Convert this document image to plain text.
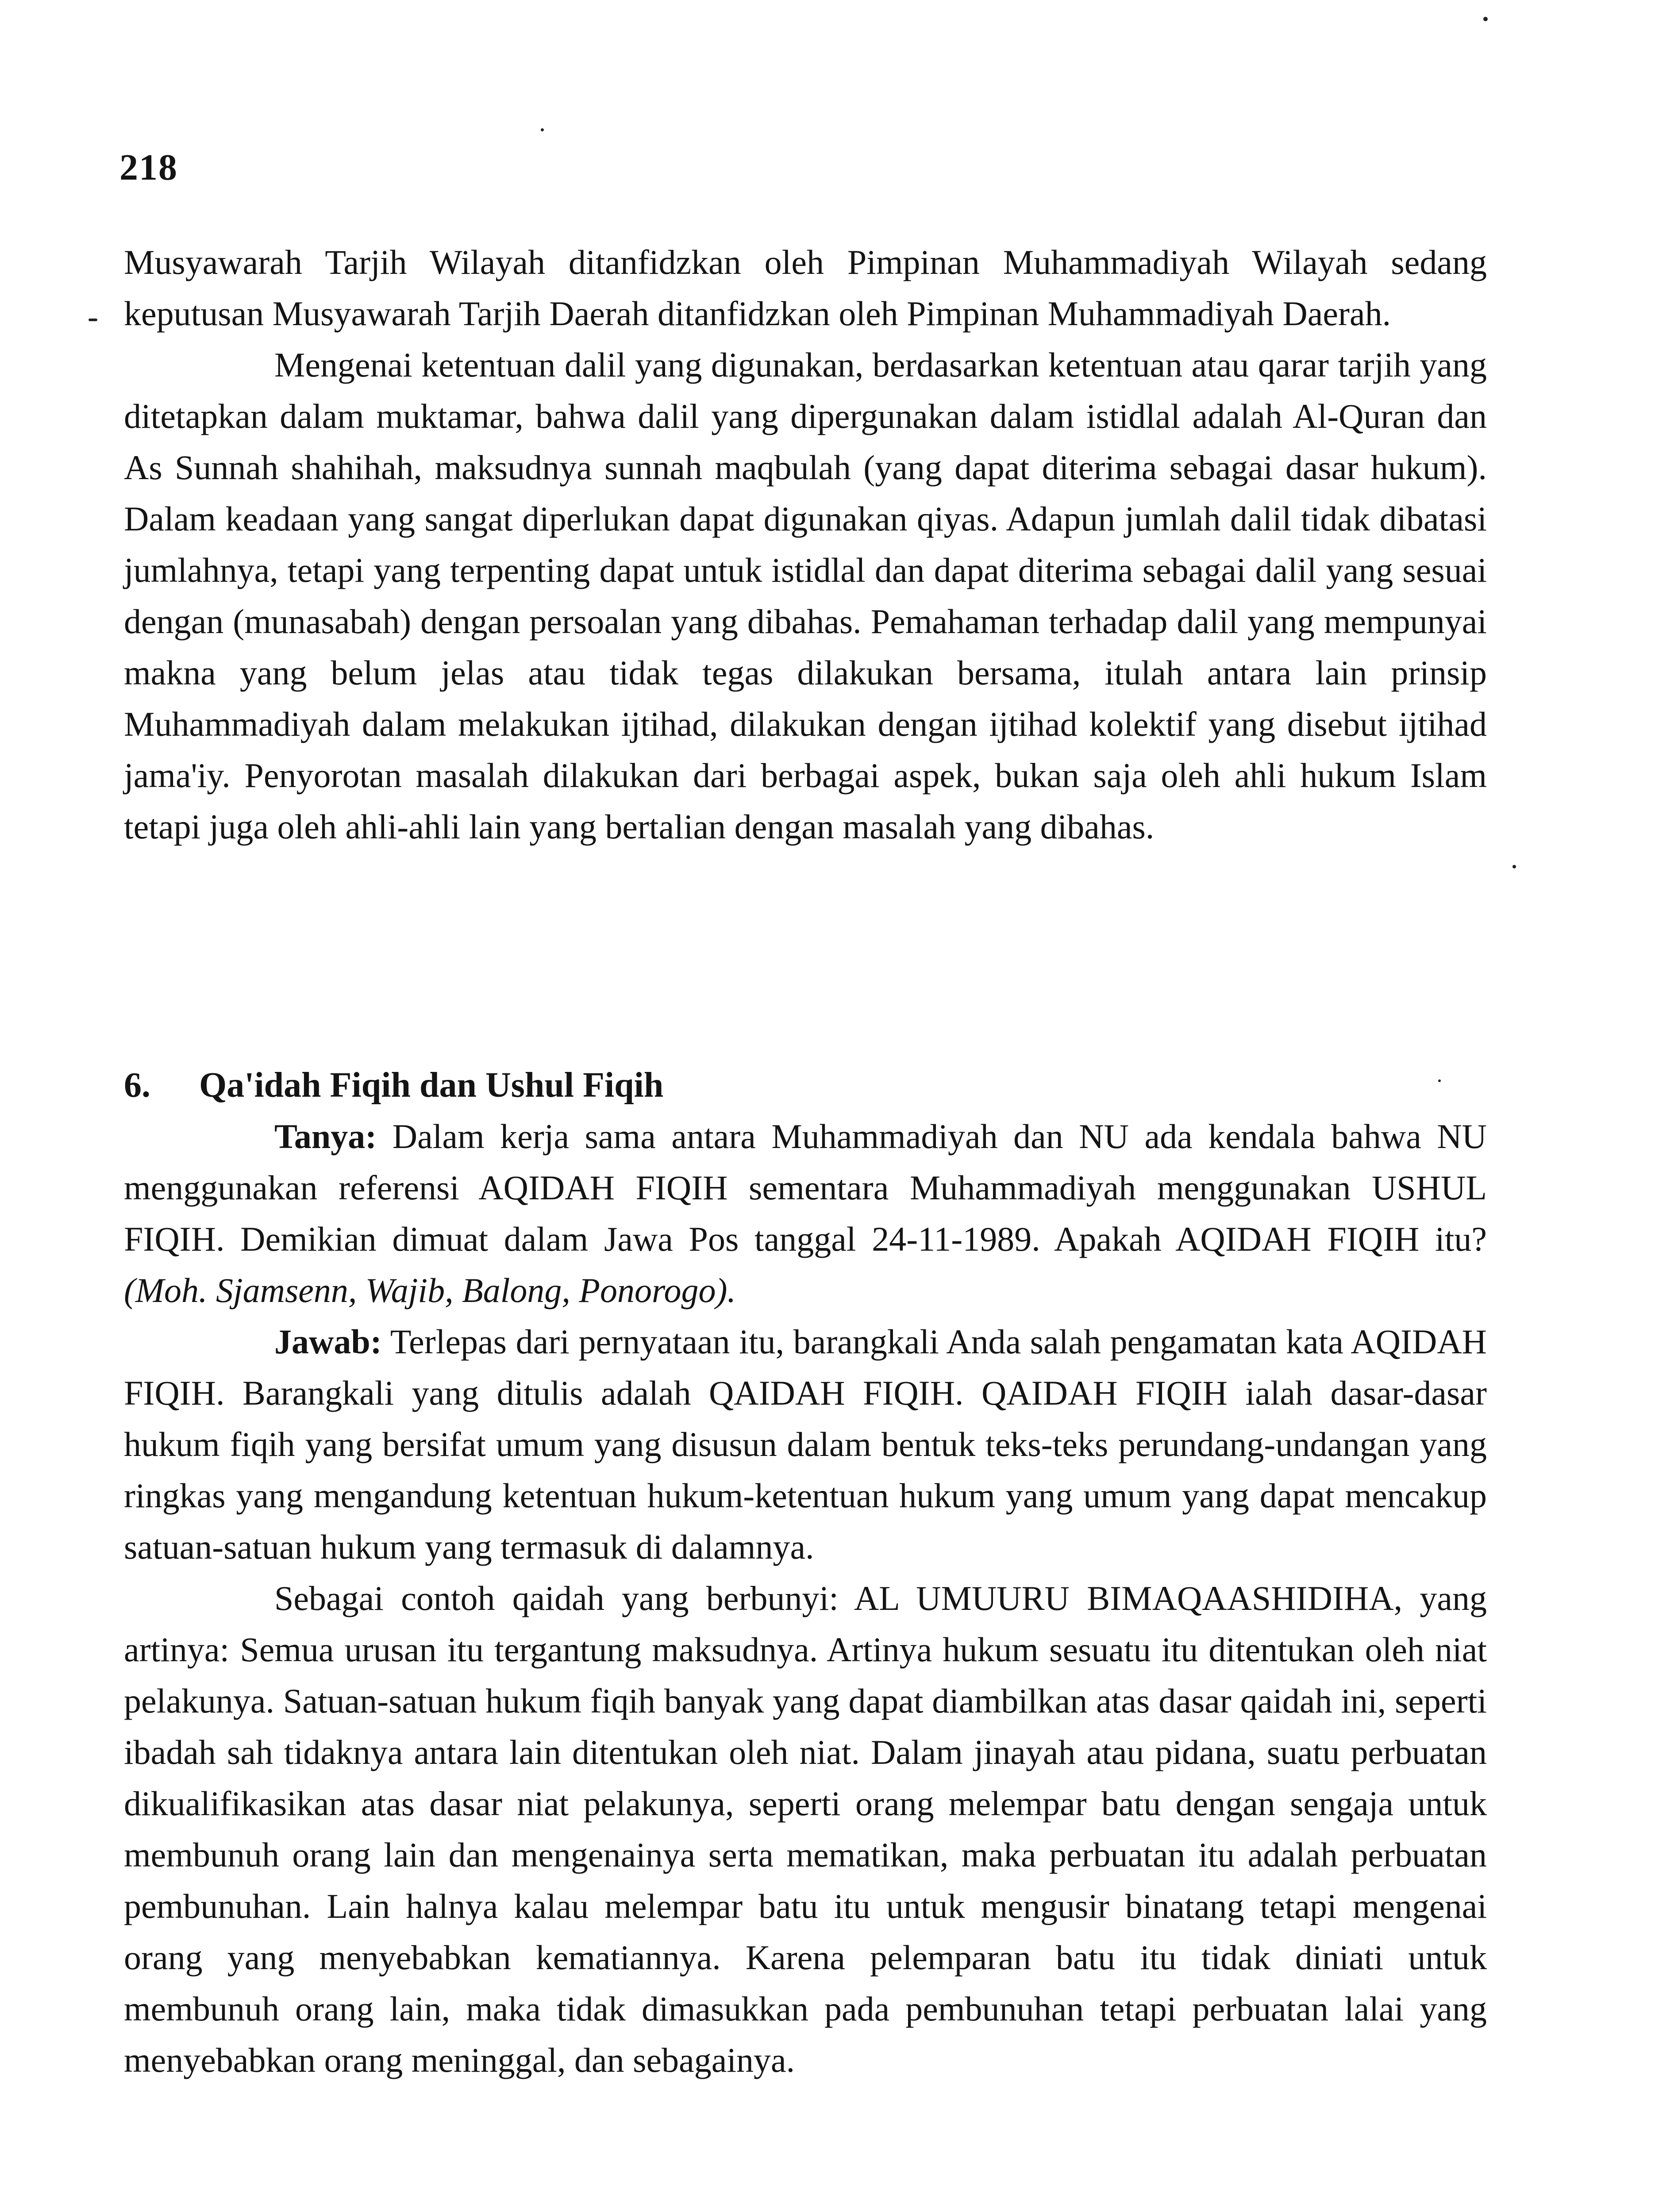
218

Musyawarah Tarjih Wilayah ditanfidzkan oleh Pimpinan Muhammadiyah Wilayah sedang keputusan Musyawarah Tarjih Daerah ditanfidzkan oleh Pimpinan Muhammadiyah Daerah.

Mengenai ketentuan dalil yang digunakan, berdasarkan ketentuan atau qarar tarjih yang ditetapkan dalam muktamar, bahwa dalil yang dipergunakan dalam istidlal adalah Al-Quran dan As Sunnah shahihah, maksudnya sunnah maqbulah (yang dapat diterima sebagai dasar hukum). Dalam keadaan yang sangat diperlukan dapat digunakan qiyas. Adapun jumlah dalil tidak dibatasi jumlahnya, tetapi yang terpenting dapat untuk istidlal dan dapat diterima sebagai dalil yang sesuai dengan (munasabah) dengan persoalan yang dibahas. Pemahaman terhadap dalil yang mempunyai makna yang belum jelas atau tidak tegas dilakukan bersama, itulah antara lain prinsip Muhammadiyah dalam melakukan ijtihad, dilakukan dengan ijtihad kolektif yang disebut ijtihad jama'iy. Penyorotan masalah dilakukan dari berbagai aspek, bukan saja oleh ahli hukum Islam tetapi juga oleh ahli-ahli lain yang bertalian dengan masalah yang dibahas.

6. Qa'idah Fiqih dan Ushul Fiqih

Tanya: Dalam kerja sama antara Muhammadiyah dan NU ada kendala bahwa NU menggunakan referensi AQIDAH FIQIH sementara Muhammadiyah menggunakan USHUL FIQIH. Demikian dimuat dalam Jawa Pos tanggal 24-11-1989. Apakah AQIDAH FIQIH itu? (Moh. Sjamsenn, Wajib, Balong, Ponorogo).

Jawab: Terlepas dari pernyataan itu, barangkali Anda salah pengamatan kata AQIDAH FIQIH. Barangkali yang ditulis adalah QAIDAH FIQIH. QAIDAH FIQIH ialah dasar-dasar hukum fiqih yang bersifat umum yang disusun dalam bentuk teks-teks perundang-undangan yang ringkas yang mengandung ketentuan hukum-ketentuan hukum yang umum yang dapat mencakup satuan-satuan hukum yang termasuk di dalamnya.

Sebagai contoh qaidah yang berbunyi: AL UMUURU BIMAQAASHIDIHA, yang artinya: Semua urusan itu tergantung maksudnya. Artinya hukum sesuatu itu ditentukan oleh niat pelakunya. Satuan-satuan hukum fiqih banyak yang dapat diambilkan atas dasar qaidah ini, seperti ibadah sah tidaknya antara lain ditentukan oleh niat. Dalam jinayah atau pidana, suatu perbuatan dikualifikasikan atas dasar niat pelakunya, seperti orang melempar batu dengan sengaja untuk membunuh orang lain dan mengenainya serta mematikan, maka perbuatan itu adalah perbuatan pembunuhan. Lain halnya kalau melempar batu itu untuk mengusir binatang tetapi mengenai orang yang menyebabkan kematiannya. Karena pelemparan batu itu tidak diniati untuk membunuh orang lain, maka tidak dimasukkan pada pembunuhan tetapi perbuatan lalai yang menyebabkan orang meninggal, dan sebagainya.
